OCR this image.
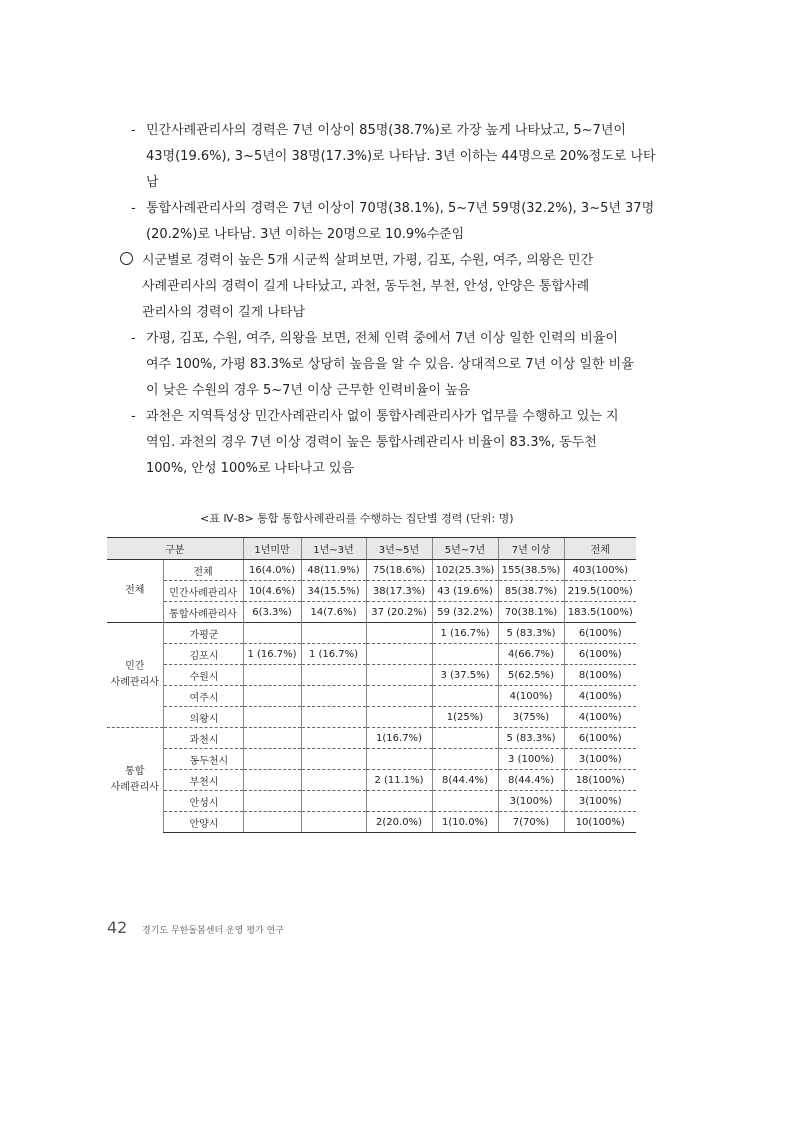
- 민간사례관리사의 경력은 7년 이상이 85명(38.7%)로 가장 높게 나타났고, 5~7년이
43명(19.6%), 3~5년이 38명(17.3%)로 나타남. 3년 이하는 44명으로 20%정도로 나타
남
- 통합사례관리사의 경력은 7년 이상이 70명(38.1%), 5~7년 59명(32.2%), 3~5년 37명
(20.2%)로 나타남. 3년 이하는 20명으로 10.9%수준임
시군별로 경력이 높은 5개 시군씩 살펴보면, 가평, 김포, 수원, 여주, 의왕은 민간
사례관리사의 경력이 길게 나타났고, 과천, 동두천, 부천, 안성, 안양은 통합사례
관리사의 경력이 길게 나타남
- 가평, 김포, 수원, 여주, 의왕을 보면, 전체 인력 중에서 7년 이상 일한 인력의 비율이
여주 100%, 가평 83.3%로 상당히 높음을 알 수 있음. 상대적으로 7년 이상 일한 비율
이 낮은 수원의 경우 5~7년 이상 근무한 인력비율이 높음
- 과천은 지역특성상 민간사례관리사 없이 통합사례관리사가 업무를 수행하고 있는 지
역임. 과천의 경우 7년 이상 경력이 높은 통합사례관리사 비율이 83.3%, 동두천
100%, 안성 100%로 나타나고 있음
<표 Ⅳ-8> 통합 통합사례관리를 수행하는 집단별 경력 (단위: 명)
구분		1년미만	1년~3년	3년~5년	5년~7년	7년 이상	전체
전체	전체	16(4.0%)	48(11.9%)	75(18.6%)	102(25.3%)	155(38.5%)	403(100%)
	민간사례관리사	10(4.6%)	34(15.5%)	38(17.3%)	43 (19.6%)	85(38.7%)	219.5(100%)
	통합사례관리사	6(3.3%)	14(7.6%)	37 (20.2%)	59 (32.2%)	70(38.1%)	183.5(100%)
민간
사례관리사	가평군				1 (16.7%)	5 (83.3%)	6(100%)
	김포시	1 (16.7%)	1 (16.7%)			4(66.7%)	6(100%)
	수원시				3 (37.5%)	5(62.5%)	8(100%)
	여주시					4(100%)	4(100%)
	의왕시				1(25%)	3(75%)	4(100%)
통합
사례관리사	과천시			1(16.7%)		5 (83.3%)	6(100%)
	동두천시					3 (100%)	3(100%)
	부천시			2 (11.1%)	8(44.4%)	8(44.4%)	18(100%)
	안성시					3(100%)	3(100%)
	안양시			2(20.0%)	1(10.0%)	7(70%)	10(100%)
42 경기도 무한돌봄센터 운영 평가 연구
